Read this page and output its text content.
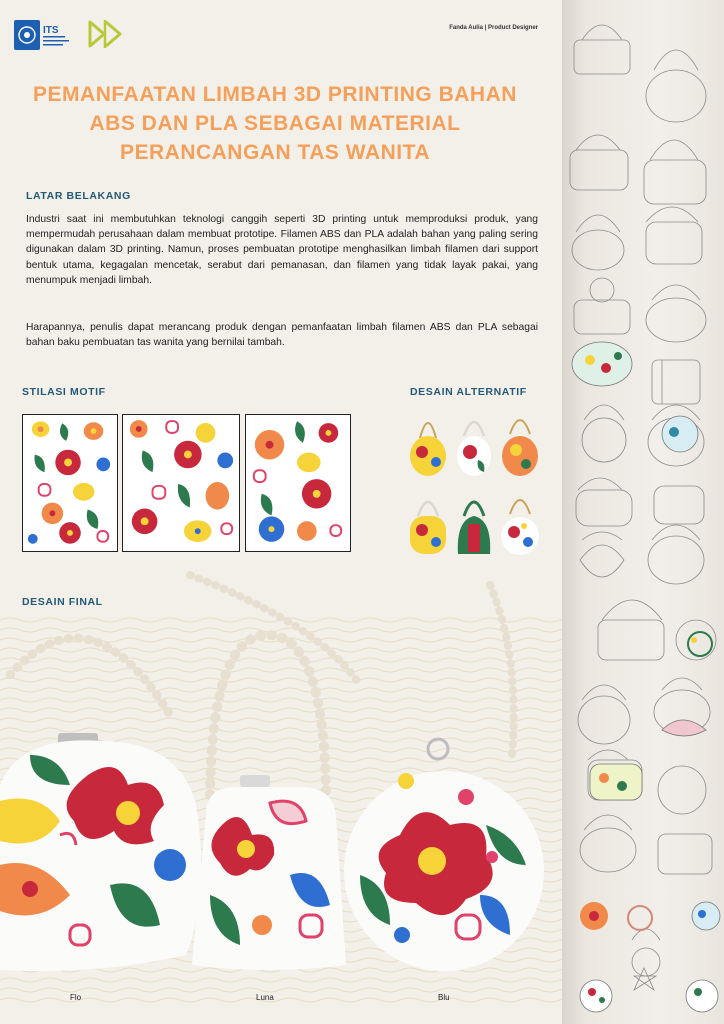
ITS	Fanda Aulia | Product Designer
PEMANFAATAN LIMBAH 3D PRINTING BAHAN
ABS DAN PLA SEBAGAI MATERIAL
PERANCANGAN TAS WANITA
LATAR BELAKANG

Industri saat ini membutuhkan teknologi canggih seperti 3D printing untuk memproduksi produk, yang mempermudah perusahaan dalam membuat prototipe. Filamen ABS dan PLA adalah bahan yang paling sering digunakan dalam 3D printing. Namun, proses pembuatan prototipe menghasilkan limbah filamen dari support bentuk utama, kegagalan mencetak, serabut dari pemanasan, dan filamen yang tidak layak pakai, yang menumpuk menjadi limbah.

Harapannya, penulis dapat merancang produk dengan pemanfaatan limbah filamen ABS dan PLA sebagai bahan baku pembuatan tas wanita yang bernilai tambah.

STILASI MOTIF	DESAIN ALTERNATIF
DESAIN FINAL
Flo	Luna	Blu
